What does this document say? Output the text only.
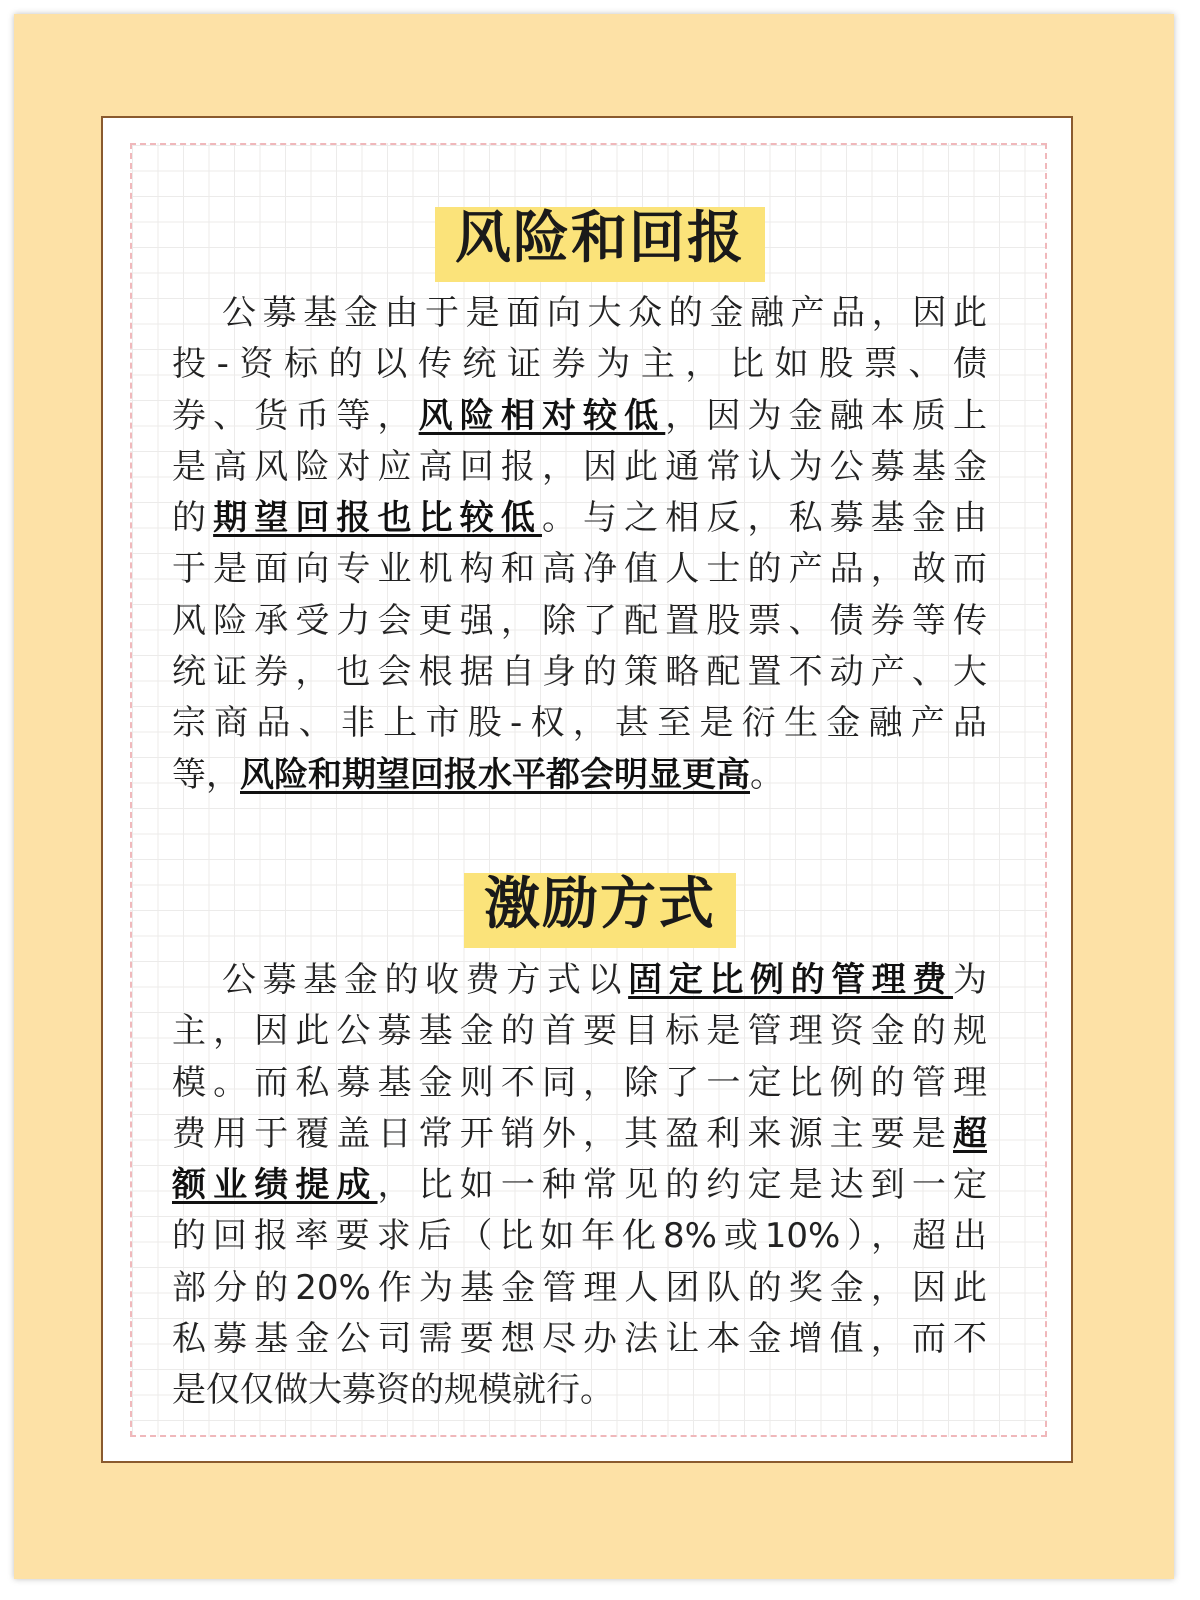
风险和回报
公募基金由于是面向大众的金融产品，因此
投-资标的以传统证券为主，比如股票、债
券、货币等，风险相对较低，因为金融本质上
是高风险对应高回报，因此通常认为公募基金
的期望回报也比较低。与之相反，私募基金由
于是面向专业机构和高净值人士的产品，故而
风险承受力会更强，除了配置股票、债券等传
统证券，也会根据自身的策略配置不动产、大
宗商品、非上市股-权，甚至是衍生金融产品
等，风险和期望回报水平都会明显更高。
激励方式
公募基金的收费方式以固定比例的管理费为
主，因此公募基金的首要目标是管理资金的规
模。而私募基金则不同，除了一定比例的管理
费用于覆盖日常开销外，其盈利来源主要是超
额业绩提成，比如一种常见的约定是达到一定
的回报率要求后（比如年化8%或10%），超出
部分的20%作为基金管理人团队的奖金，因此
私募基金公司需要想尽办法让本金增值，而不
是仅仅做大募资的规模就行。
